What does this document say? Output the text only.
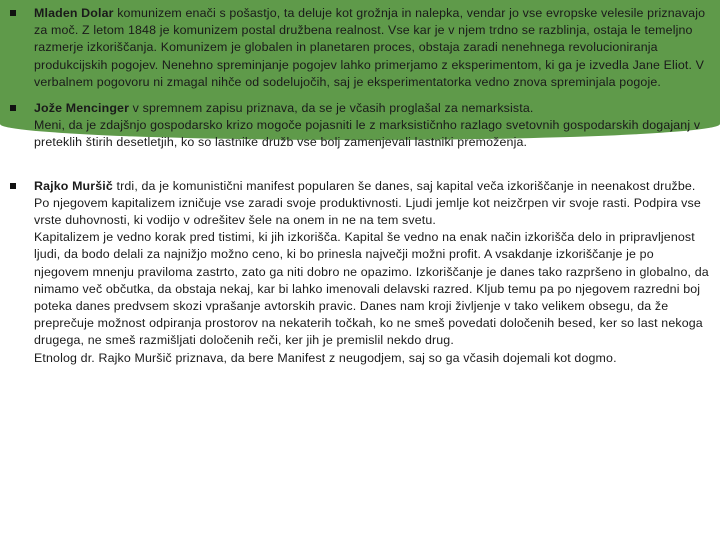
Mladen Dolar komunizem enači s pošastjo, ta deluje kot grožnja in nalepka, vendar jo vse evropske velesile priznavajo za moč. Z letom 1848 je komunizem postal družbena realnost. Vse kar je v njem trdno se razblinja, ostaja le temeljno razmerje izkoriščanja. Komunizem je globalen in planetaren proces, obstaja zaradi nenehnega revolucioniranja produkcijskih pogojev. Nenehno spreminjanje pogojev lahko primerjamo z eksperimentom, ki ga je izvedla Jane Eliot. V verbalnem pogovoru ni zmagal nihče od sodelujočih, saj je eksperimentatorka vedno znova spreminjala pogoje.
Jože Mencinger v spremnem zapisu priznava, da se je včasih proglašal za nemarksista.
Meni, da je zdajšnjo gospodarsko krizo mogoče pojasniti le z marksističnho razlago svetovnih gospodarskih dogajanj v preteklih štirih desetletjih, ko so lastnike družb vse bolj zamenjevali lastniki premoženja.
Rajko Muršič trdi, da je komunistični manifest popularen še danes, saj kapital veča izkoriščanje in neenakost družbe.
Po njegovem kapitalizem izničuje vse zaradi svoje produktivnosti. Ljudi jemlje kot neizčrpen vir svoje rasti. Podpira vse vrste duhovnosti, ki vodijo v odrešitev šele na onem in ne na tem svetu.
Kapitalizem je vedno korak pred tistimi, ki jih izkorišča. Kapital še vedno na enak način izkorišča delo in pripravljenost ljudi, da bodo delali za najnižjo možno ceno, ki bo prinesla največji možni profit. A vsakdanje izkoriščanje je po njegovem mnenju praviloma zastrto, zato ga niti dobro ne opazimo. Izkoriščanje je danes tako razpršeno in globalno, da nimamo več občutka, da obstaja nekaj, kar bi lahko imenovali delavski razred. Kljub temu pa po njegovem razredni boj poteka danes predvsem skozi vprašanje avtorskih pravic. Danes nam kroji življenje v tako velikem obsegu, da že preprečuje možnost odpiranja prostorov na nekaterih točkah, ko ne smeš povedati določenih besed, ker so last nekoga drugega, ne smeš razmišljati določenih reči, ker jih je premislil nekdo drug.
Etnolog dr. Rajko Muršič priznava, da bere Manifest z neugodjem, saj so ga včasih dojemali kot dogmo.
